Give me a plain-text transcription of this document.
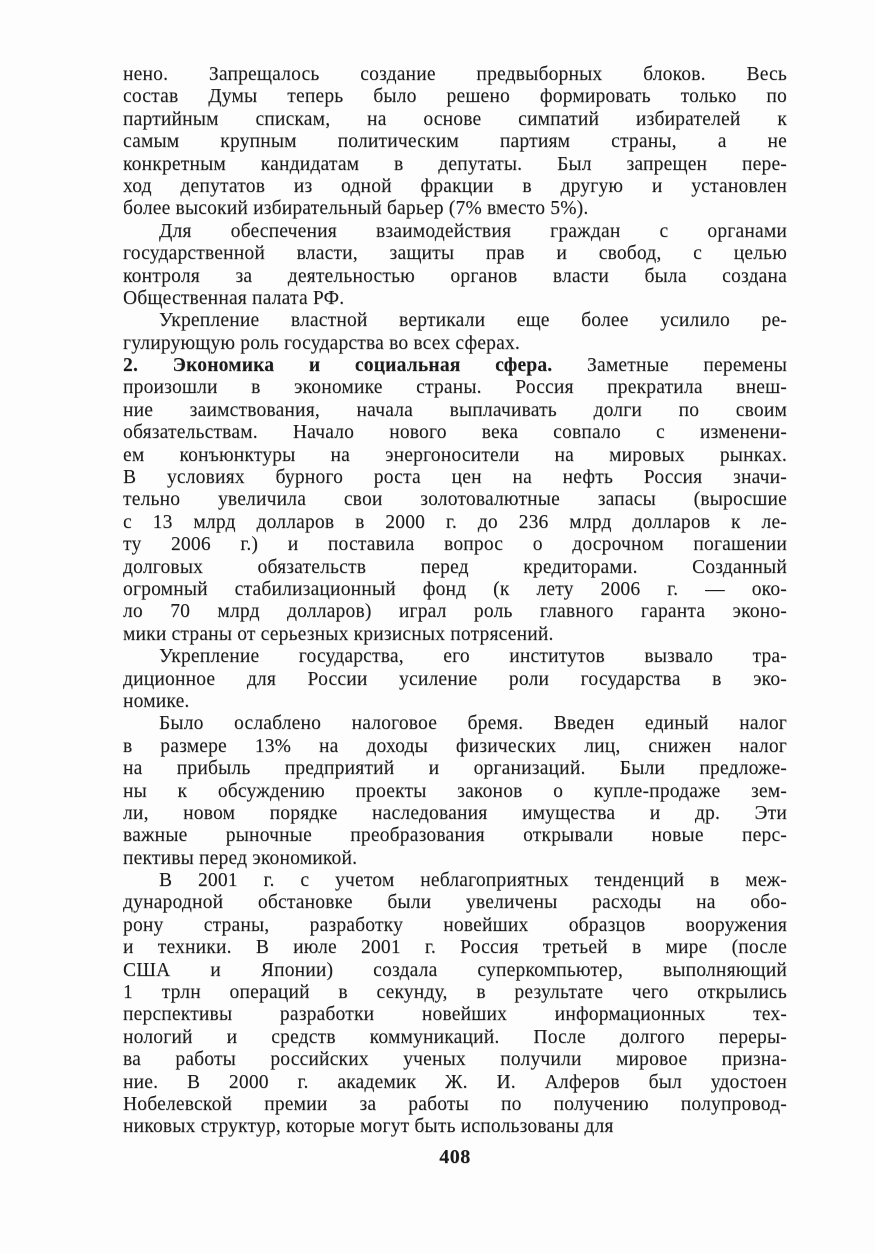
нено. Запрещалось создание предвыборных блоков. Весь
состав Думы теперь было решено формировать только по
партийным спискам, на основе симпатий избирателей к
самым крупным политическим партиям страны, а не
конкретным кандидатам в депутаты. Был запрещен пере-
ход депутатов из одной фракции в другую и установлен
более высокий избирательный барьер (7% вместо 5%).
Для обеспечения взаимодействия граждан с органами
государственной власти, защиты прав и свобод, с целью
контроля за деятельностью органов власти была создана
Общественная палата РФ.
Укрепление властной вертикали еще более усилило ре-
гулирующую роль государства во всех сферах.
2. Экономика и социальная сфера. Заметные перемены
произошли в экономике страны. Россия прекратила внеш-
ние заимствования, начала выплачивать долги по своим
обязательствам. Начало нового века совпало с изменени-
ем конъюнктуры на энергоносители на мировых рынках.
В условиях бурного роста цен на нефть Россия значи-
тельно увеличила свои золотовалютные запасы (выросшие
с 13 млрд долларов в 2000 г. до 236 млрд долларов к ле-
ту 2006 г.) и поставила вопрос о досрочном погашении
долговых обязательств перед кредиторами. Созданный
огромный стабилизационный фонд (к лету 2006 г. — око-
ло 70 млрд долларов) играл роль главного гаранта эконо-
мики страны от серьезных кризисных потрясений.
Укрепление государства, его институтов вызвало тра-
диционное для России усиление роли государства в эко-
номике.
Было ослаблено налоговое бремя. Введен единый налог
в размере 13% на доходы физических лиц, снижен налог
на прибыль предприятий и организаций. Были предложе-
ны к обсуждению проекты законов о купле-продаже зем-
ли, новом порядке наследования имущества и др. Эти
важные рыночные преобразования открывали новые перс-
пективы перед экономикой.
В 2001 г. с учетом неблагоприятных тенденций в меж-
дународной обстановке были увеличены расходы на обо-
рону страны, разработку новейших образцов вооружения
и техники. В июле 2001 г. Россия третьей в мире (после
США и Японии) создала суперкомпьютер, выполняющий
1 трлн операций в секунду, в результате чего открылись
перспективы разработки новейших информационных тех-
нологий и средств коммуникаций. После долгого переры-
ва работы российских ученых получили мировое призна-
ние. В 2000 г. академик Ж. И. Алферов был удостоен
Нобелевской премии за работы по получению полупровод-
никовых структур, которые могут быть использованы для
408
